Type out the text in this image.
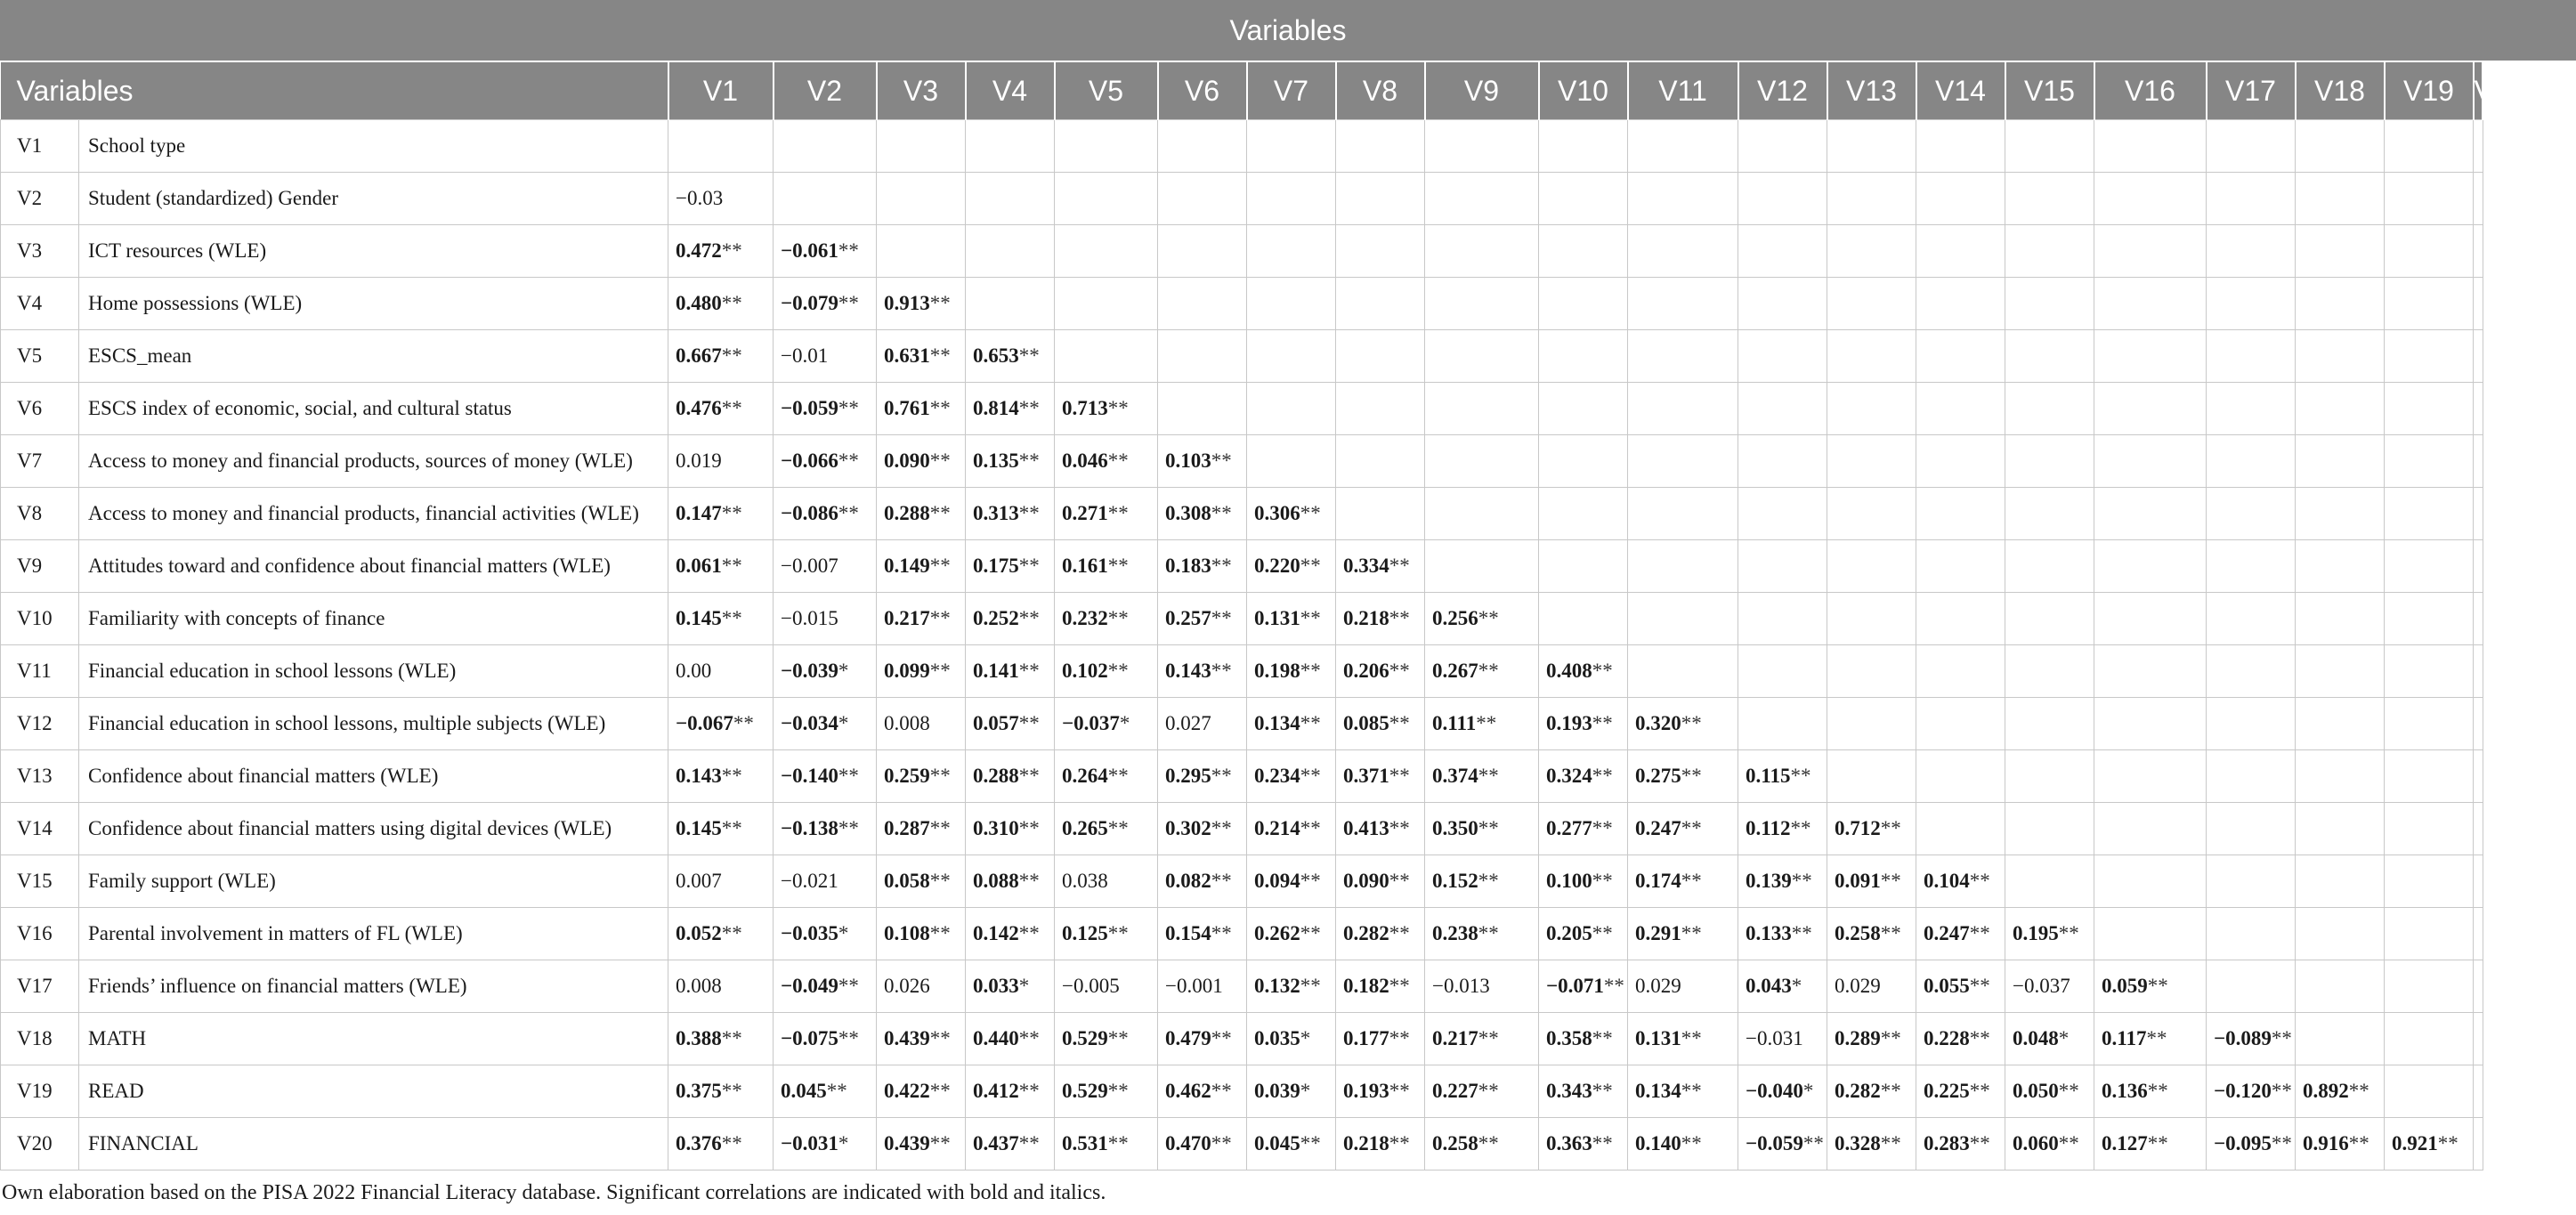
Variables
Variables		V1	V2	V3	V4	V5	V6	V7	V8	V9	V10	V11	V12	V13	V14	V15	V16	V17	V18	V19	V20
V1	School type																				
V2	Student (standardized) Gender	−0.03																			
V3	ICT resources (WLE)	0.472**	−0.061**																		
V4	Home possessions (WLE)	0.480**	−0.079**	0.913**																	
V5	ESCS_mean	0.667**	−0.01	0.631**	0.653**																
V6	ESCS index of economic, social, and cultural status	0.476**	−0.059**	0.761**	0.814**	0.713**															
V7	Access to money and financial products, sources of money (WLE)	0.019	−0.066**	0.090**	0.135**	0.046**	0.103**														
V8	Access to money and financial products, financial activities (WLE)	0.147**	−0.086**	0.288**	0.313**	0.271**	0.308**	0.306**													
V9	Attitudes toward and confidence about financial matters (WLE)	0.061**	−0.007	0.149**	0.175**	0.161**	0.183**	0.220**	0.334**												
V10	Familiarity with concepts of finance	0.145**	−0.015	0.217**	0.252**	0.232**	0.257**	0.131**	0.218**	0.256**											
V11	Financial education in school lessons (WLE)	0.00	−0.039*	0.099**	0.141**	0.102**	0.143**	0.198**	0.206**	0.267**	0.408**										
V12	Financial education in school lessons, multiple subjects (WLE)	−0.067**	−0.034*	0.008	0.057**	−0.037*	0.027	0.134**	0.085**	0.111**	0.193**	0.320**									
V13	Confidence about financial matters (WLE)	0.143**	−0.140**	0.259**	0.288**	0.264**	0.295**	0.234**	0.371**	0.374**	0.324**	0.275**	0.115**								
V14	Confidence about financial matters using digital devices (WLE)	0.145**	−0.138**	0.287**	0.310**	0.265**	0.302**	0.214**	0.413**	0.350**	0.277**	0.247**	0.112**	0.712**							
V15	Family support (WLE)	0.007	−0.021	0.058**	0.088**	0.038	0.082**	0.094**	0.090**	0.152**	0.100**	0.174**	0.139**	0.091**	0.104**						
V16	Parental involvement in matters of FL (WLE)	0.052**	−0.035*	0.108**	0.142**	0.125**	0.154**	0.262**	0.282**	0.238**	0.205**	0.291**	0.133**	0.258**	0.247**	0.195**					
V17	Friends’ influence on financial matters (WLE)	0.008	−0.049**	0.026	0.033*	−0.005	−0.001	0.132**	0.182**	−0.013	−0.071**	0.029	0.043*	0.029	0.055**	−0.037	0.059**				
V18	MATH	0.388**	−0.075**	0.439**	0.440**	0.529**	0.479**	0.035*	0.177**	0.217**	0.358**	0.131**	−0.031	0.289**	0.228**	0.048*	0.117**	−0.089**			
V19	READ	0.375**	0.045**	0.422**	0.412**	0.529**	0.462**	0.039*	0.193**	0.227**	0.343**	0.134**	−0.040*	0.282**	0.225**	0.050**	0.136**	−0.120**	0.892**		
V20	FINANCIAL	0.376**	−0.031*	0.439**	0.437**	0.531**	0.470**	0.045**	0.218**	0.258**	0.363**	0.140**	−0.059**	0.328**	0.283**	0.060**	0.127**	−0.095**	0.916**	0.921**	
Own elaboration based on the PISA 2022 Financial Literacy database. Significant correlations are indicated with bold and italics.
